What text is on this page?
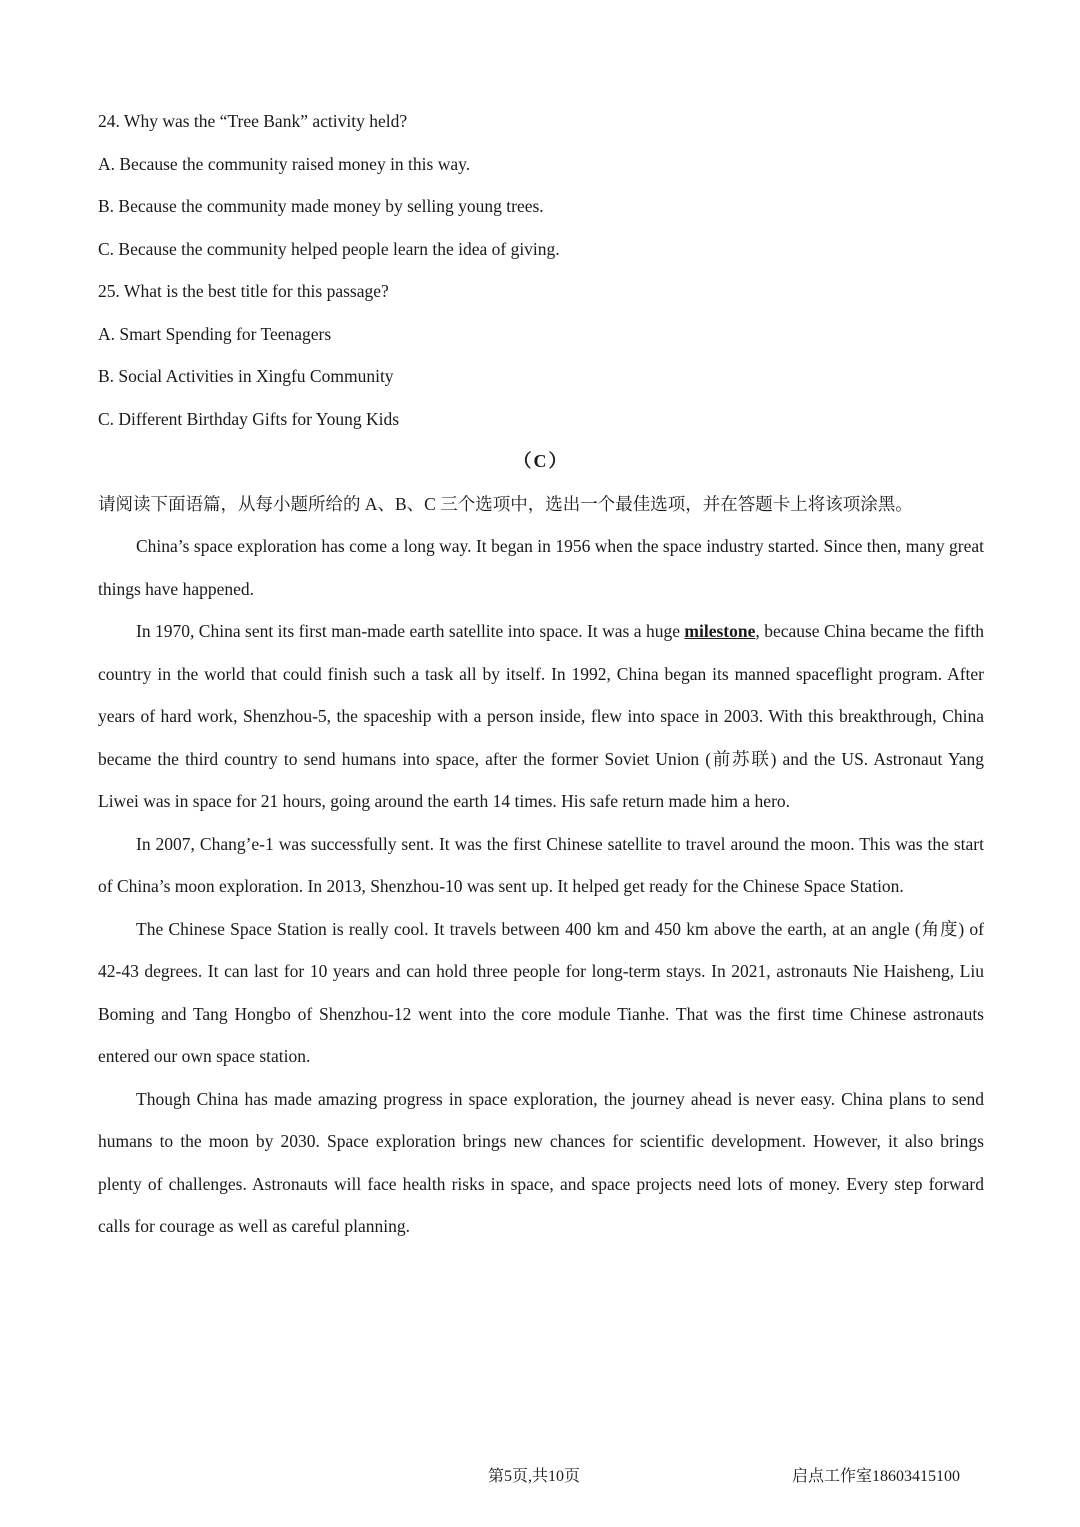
24. Why was the “Tree Bank” activity held?
A. Because the community raised money in this way.
B. Because the community made money by selling young trees.
C. Because the community helped people learn the idea of giving.
25. What is the best title for this passage?
A. Smart Spending for Teenagers
B. Social Activities in Xingfu Community
C. Different Birthday Gifts for Young Kids
（C）
请阅读下面语篇，从每小题所给的 A、B、C 三个选项中，选出一个最佳选项，并在答题卡上将该项涂黑。

China’s space exploration has come a long way. It began in 1956 when the space industry started. Since then, many great things have happened.

In 1970, China sent its first man-made earth satellite into space. It was a huge milestone, because China became the fifth country in the world that could finish such a task all by itself. In 1992, China began its manned spaceflight program. After years of hard work, Shenzhou-5, the spaceship with a person inside, flew into space in 2003. With this breakthrough, China became the third country to send humans into space, after the former Soviet Union (前苏联) and the US. Astronaut Yang Liwei was in space for 21 hours, going around the earth 14 times. His safe return made him a hero.

In 2007, Chang’e-1 was successfully sent. It was the first Chinese satellite to travel around the moon. This was the start of China’s moon exploration. In 2013, Shenzhou-10 was sent up. It helped get ready for the Chinese Space Station.

The Chinese Space Station is really cool. It travels between 400 km and 450 km above the earth, at an angle (角度) of 42-43 degrees. It can last for 10 years and can hold three people for long-term stays. In 2021, astronauts Nie Haisheng, Liu Boming and Tang Hongbo of Shenzhou-12 went into the core module Tianhe. That was the first time Chinese astronauts entered our own space station.

Though China has made amazing progress in space exploration, the journey ahead is never easy. China plans to send humans to the moon by 2030. Space exploration brings new chances for scientific development. However, it also brings plenty of challenges. Astronauts will face health risks in space, and space projects need lots of money. Every step forward calls for courage as well as careful planning.

第5页,共10页	启点工作室18603415100
